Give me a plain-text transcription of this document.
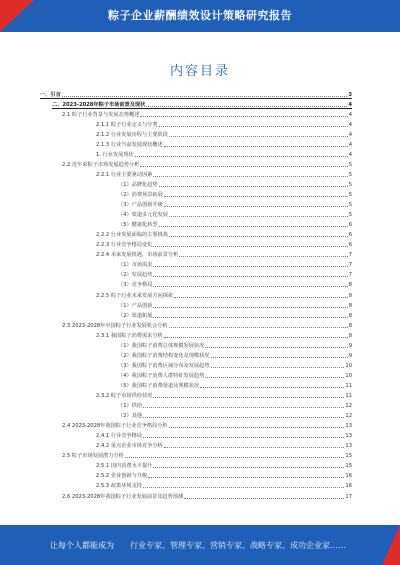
粽子企业薪酬绩效设计策略研究报告
内容目录
一、引言	3
二、2023-2028年粽子市场前景及现状	4
2.1 粽子行业背景与发展态势概述	4
2.1.1 粽子行业定义与分类	4
2.1.2 行业发展历程与主要阶段	4
2.1.3 行业当前发展现状概述	4
1. 行业发展现状	4
2.2 近年来粽子市场发展趋势分析	5
2.2.1 行业主要驱动因素	5
（1）品牌化趋势	5
（2）消费场景拓展	5
（3）产品创新升级	5
（4）渠道多元化发展	5
（5）健康化转型	6
2.2.2 行业发展面临的主要挑战	6
2.2.3 行业竞争格局变化	6
2.2.4 未来发展机遇、市场前景分析	7
（1）市场需求	7
（2）发展趋势	7
（3）竞争格局	8
2.2.5 粽子行业未来发展方向探索	8
（1）产品创新	8
（2）渠道拓展	8
2.3 2023-2028年中国粽子行业发展机会分析	8
2.3.1 我国粽子消费需求分析	8
（1）我国粽子消费总体规模发展状况	9
（2）我国粽子消费结构变化及规模状况	9
（3）我国粽子消费区域分布及发展趋势	10
（4）我国粽子消费人群特征发展趋势	10
（5）我国粽子消费渠道及规模状况	11
2.3.2 粽子市场供给状况	11
（1）供给	12
（2）其他	12
2.4 2023-2028年我国粽子行业竞争格局分析	13
2.4.1 行业竞争格局	13
2.4.2 重点企业市场竞争分析	13
2.5 粽子市场发展潜力分析	15
2.5.1 国内消费水平提升	15
2.5.2 企业创新与升级	16
2.5.3 政策环境支持	16
2.6 2023-2028年我国粽子行业发展前景及趋势预测	17
让每个人都能成为 行业专家、管理专家、营销专家、战略专家、成功企业家……
